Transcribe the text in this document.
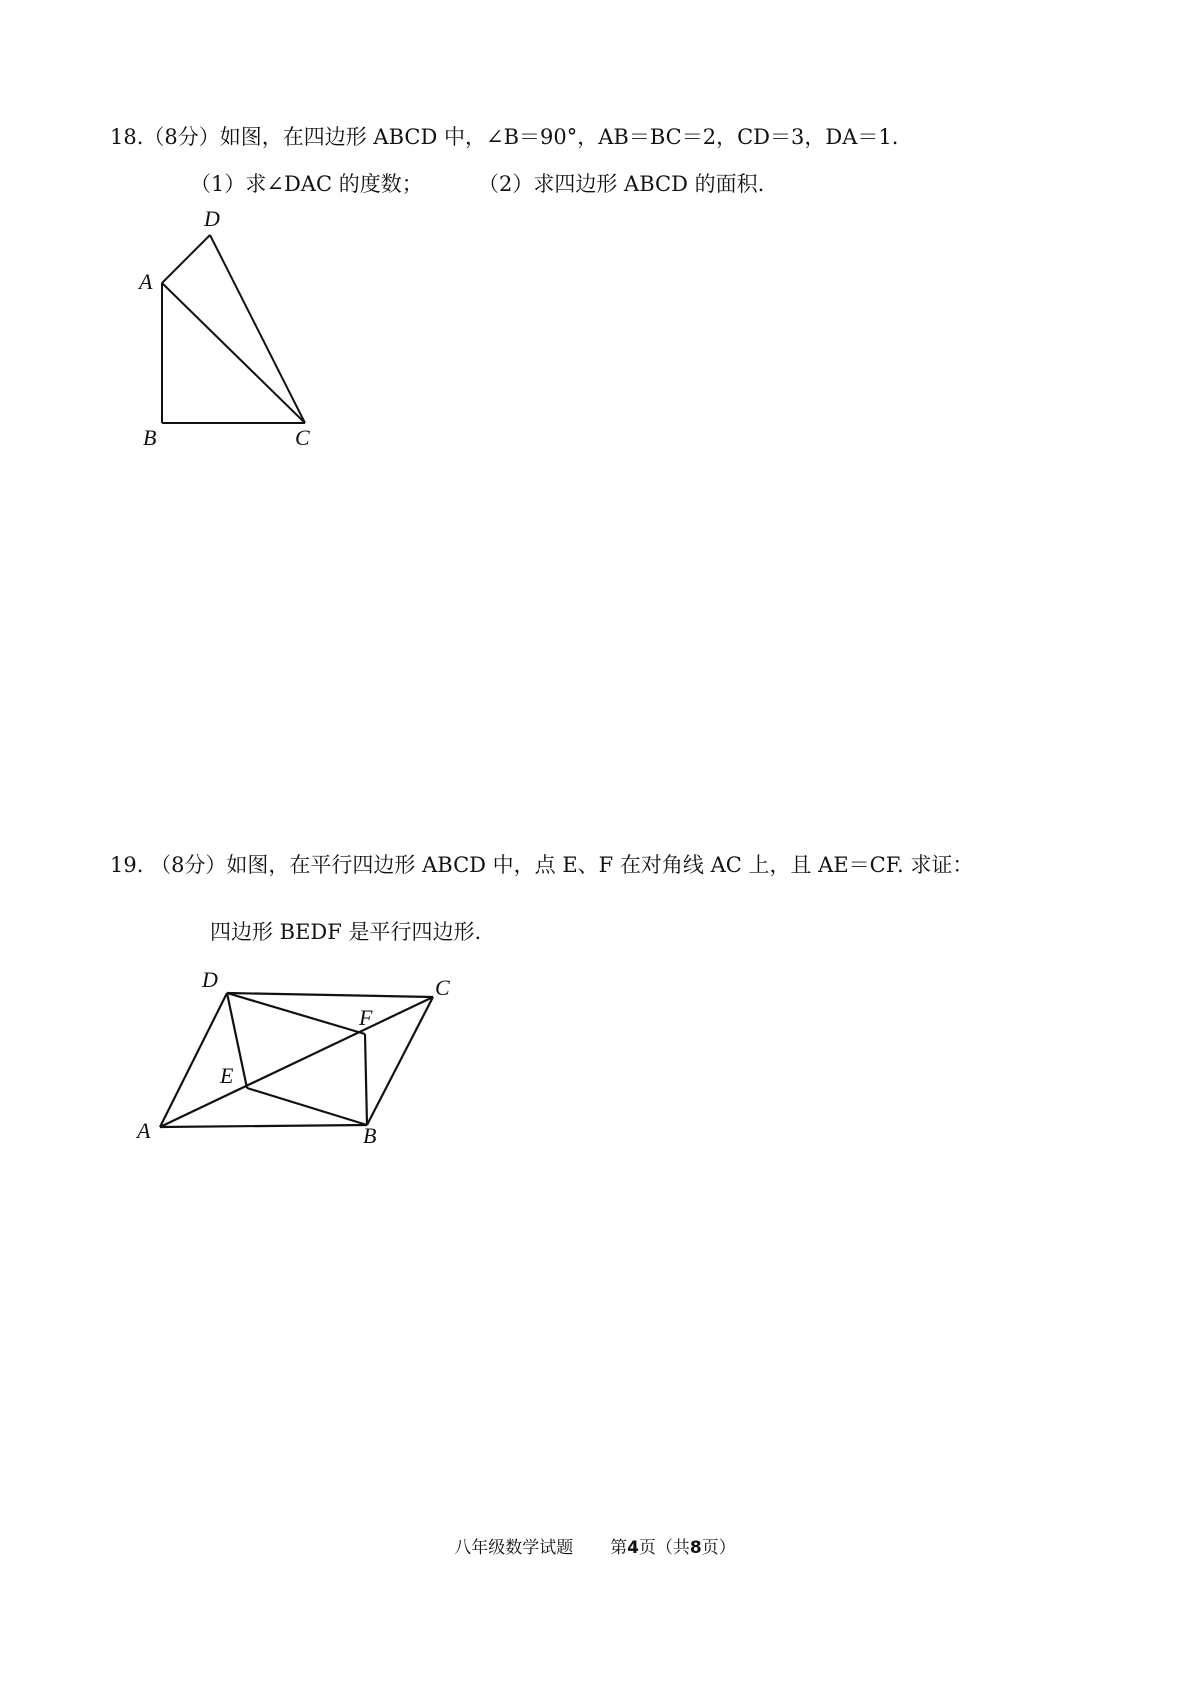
18.（8分）如图，在四边形 ABCD 中，∠B＝90°，AB＝BC＝2，CD＝3，DA＝1.
（1）求∠DAC 的度数；	（2）求四边形 ABCD 的面积.
D
A
B	C
19. （8分）如图，在平行四边形 ABCD 中，点 E、F 在对角线 AC 上，且 AE＝CF. 求证：
四边形 BEDF 是平行四边形.
D	C
F
E
A	B
八年级数学试题 第4页（共8页）
